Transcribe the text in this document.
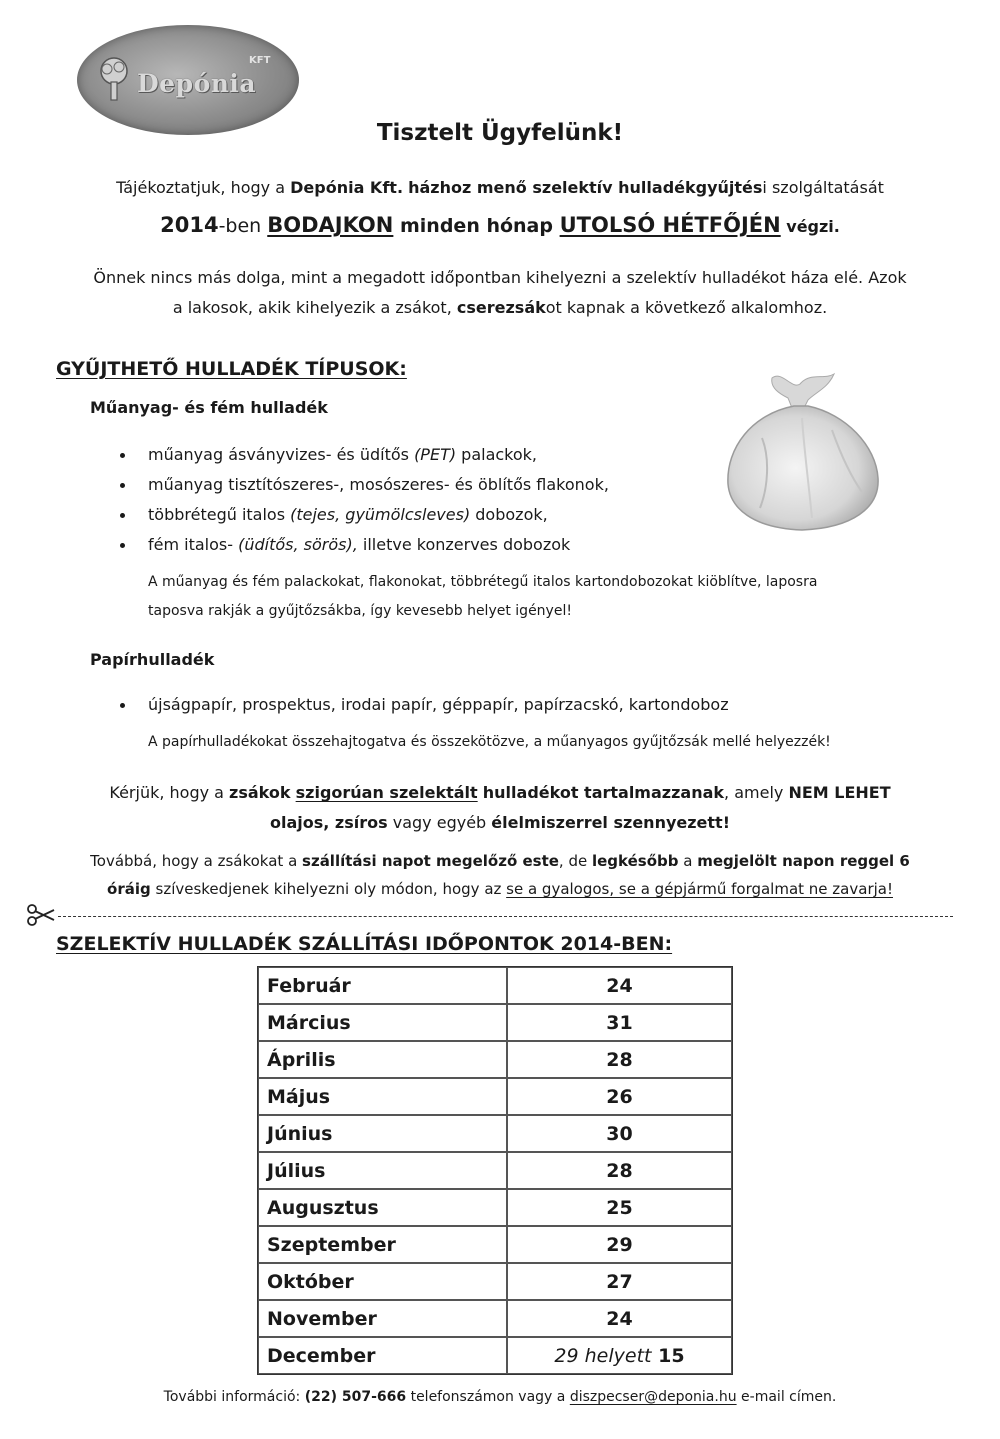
Depónia
KFT
Tisztelt Ügyfelünk!
Tájékoztatjuk, hogy a Depónia Kft. házhoz menő szelektív hulladékgyűjtési szolgáltatását
2014-ben BODAJKON minden hónap UTOLSÓ HÉTFŐJÉN végzi.
Önnek nincs más dolga, mint a megadott időpontban kihelyezni a szelektív hulladékot háza elé. Azok
a lakosok, akik kihelyezik a zsákot, cserezsákot kapnak a következő alkalomhoz.
GYŰJTHETŐ HULLADÉK TÍPUSOK:
Műanyag- és fém hulladék
műanyag ásványvizes- és üdítős (PET) palackok,
műanyag tisztítószeres-, mosószeres- és öblítős flakonok,
többrétegű italos (tejes, gyümölcsleves) dobozok,
fém italos- (üdítős, sörös), illetve konzerves dobozok
A műanyag és fém palackokat, flakonokat, többrétegű italos kartondobozokat kiöblítve, laposra
taposva rakják a gyűjtőzsákba, így kevesebb helyet igényel!
Papírhulladék
újságpapír, prospektus, irodai papír, géppapír, papírzacskó, kartondoboz
A papírhulladékokat összehajtogatva és összekötözve, a műanyagos gyűjtőzsák mellé helyezzék!
Kérjük, hogy a zsákok szigorúan szelektált hulladékot tartalmazzanak, amely NEM LEHET
olajos, zsíros vagy egyéb élelmiszerrel szennyezett!
Továbbá, hogy a zsákokat a szállítási napot megelőző este, de legkésőbb a megjelölt napon reggel 6
óráig szíveskedjenek kihelyezni oly módon, hogy az se a gyalogos, se a gépjármű forgalmat ne zavarja!
SZELEKTÍV HULLADÉK SZÁLLÍTÁSI IDŐPONTOK 2014-BEN:
Február	24
Március	31
Április	28
Május	26
Június	30
Július	28
Augusztus	25
Szeptember	29
Október	27
November	24
December	29 helyett 15
További információ: (22) 507-666 telefonszámon vagy a diszpecser@deponia.hu e-mail címen.
